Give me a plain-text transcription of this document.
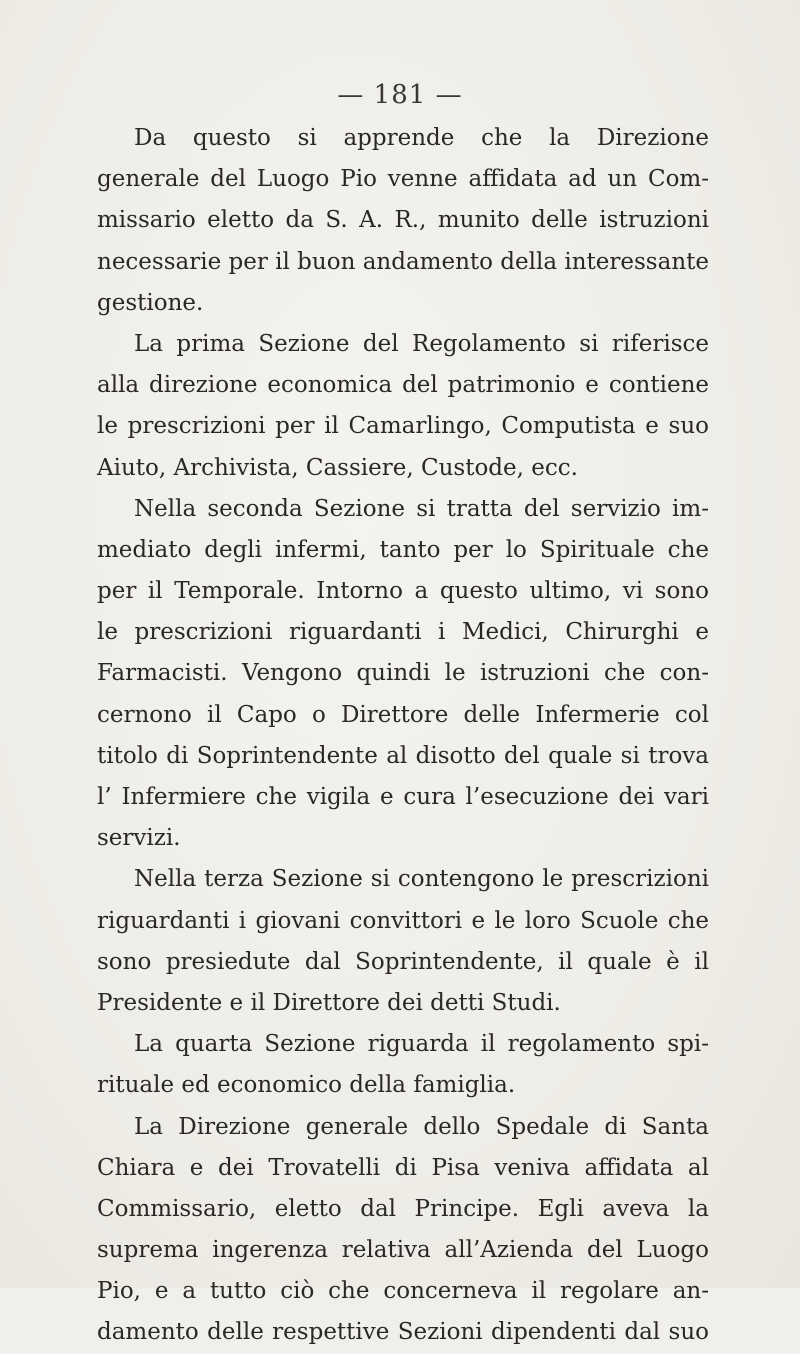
— 181 —
Da questo si apprende che la Direzione
generale del Luogo Pio venne affidata ad un Com-
missario eletto da S. A. R., munito delle istruzioni
necessarie per il buon andamento della interessante
gestione.
La prima Sezione del Regolamento si riferisce
alla direzione economica del patrimonio e contiene
le prescrizioni per il Camarlingo, Computista e suo
Aiuto, Archivista, Cassiere, Custode, ecc.
Nella seconda Sezione si tratta del servizio im-
mediato degli infermi, tanto per lo Spirituale che
per il Temporale. Intorno a questo ultimo, vi sono
le prescrizioni riguardanti i Medici, Chirurghi e
Farmacisti. Vengono quindi le istruzioni che con-
cernono il Capo o Direttore delle Infermerie col
titolo di Soprintendente al disotto del quale si trova
l’ Infermiere che vigila e cura l’esecuzione dei vari
servizi.
Nella terza Sezione si contengono le prescrizioni
riguardanti i giovani convittori e le loro Scuole che
sono presiedute dal Soprintendente, il quale è il
Presidente e il Direttore dei detti Studi.
La quarta Sezione riguarda il regolamento spi-
rituale ed economico della famiglia.
La Direzione generale dello Spedale di Santa
Chiara e dei Trovatelli di Pisa veniva affidata al
Commissario, eletto dal Principe. Egli aveva la
suprema ingerenza relativa all’Azienda del Luogo
Pio, e a tutto ciò che concerneva il regolare an-
damento delle respettive Sezioni dipendenti dal suo
